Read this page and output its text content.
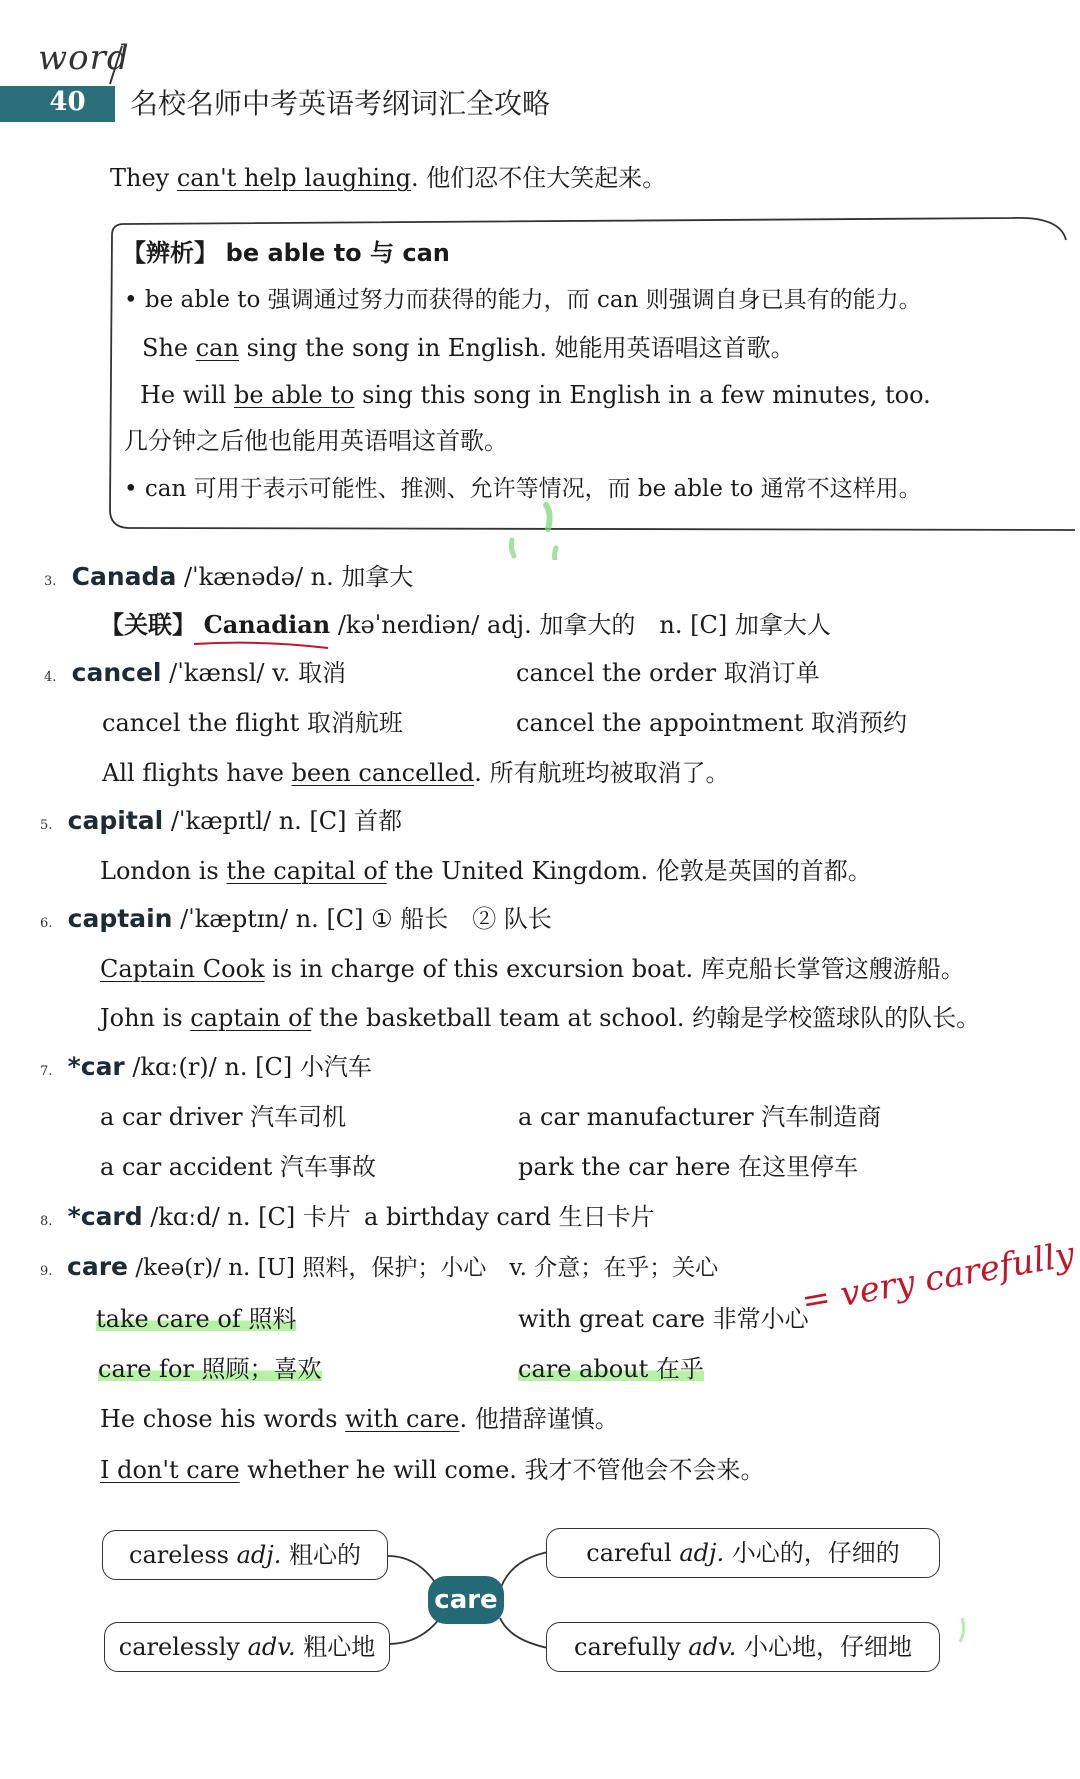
word
40	名校名师中考英语考纲词汇全攻略
They can't help laughing. 他们忍不住大笑起来。
【辨析】 be able to 与 can
• be able to 强调通过努力而获得的能力，而 can 则强调自身已具有的能力。
She can sing the song in English. 她能用英语唱这首歌。
He will be able to sing this song in English in a few minutes, too.
几分钟之后他也能用英语唱这首歌。
• can 可用于表示可能性、推测、允许等情况，而 be able to 通常不这样用。
3. Canada /ˈkænədə/ n. 加拿大
【关联】 Canadian /kəˈneɪdiən/ adj. 加拿大的　n. [C] 加拿大人
4. cancel /ˈkænsl/ v. 取消	cancel the order 取消订单
cancel the flight 取消航班	cancel the appointment 取消预约
All flights have been cancelled. 所有航班均被取消了。
5. capital /ˈkæpɪtl/ n. [C] 首都
London is the capital of the United Kingdom. 伦敦是英国的首都。
6. captain /ˈkæptɪn/ n. [C] ① 船长　② 队长
Captain Cook is in charge of this excursion boat. 库克船长掌管这艘游船。
John is captain of the basketball team at school. 约翰是学校篮球队的队长。
7. *car /kɑː(r)/ n. [C] 小汽车
a car driver 汽车司机	a car manufacturer 汽车制造商
a car accident 汽车事故	park the car here 在这里停车
8. *card /kɑːd/ n. [C] 卡片 a birthday card 生日卡片
9. care /keə(r)/ n. [U] 照料，保护；小心　v. 介意；在乎；关心
take care of 照料	with great care 非常小心
= very carefully
care for 照顾；喜欢	care about 在乎
He chose his words with care. 他措辞谨慎。
I don't care whether he will come. 我才不管他会不会来。
careless adj. 粗心的	careful adj. 小心的，仔细的
carelessly adv. 粗心地	carefully adv. 小心地，仔细地
care
